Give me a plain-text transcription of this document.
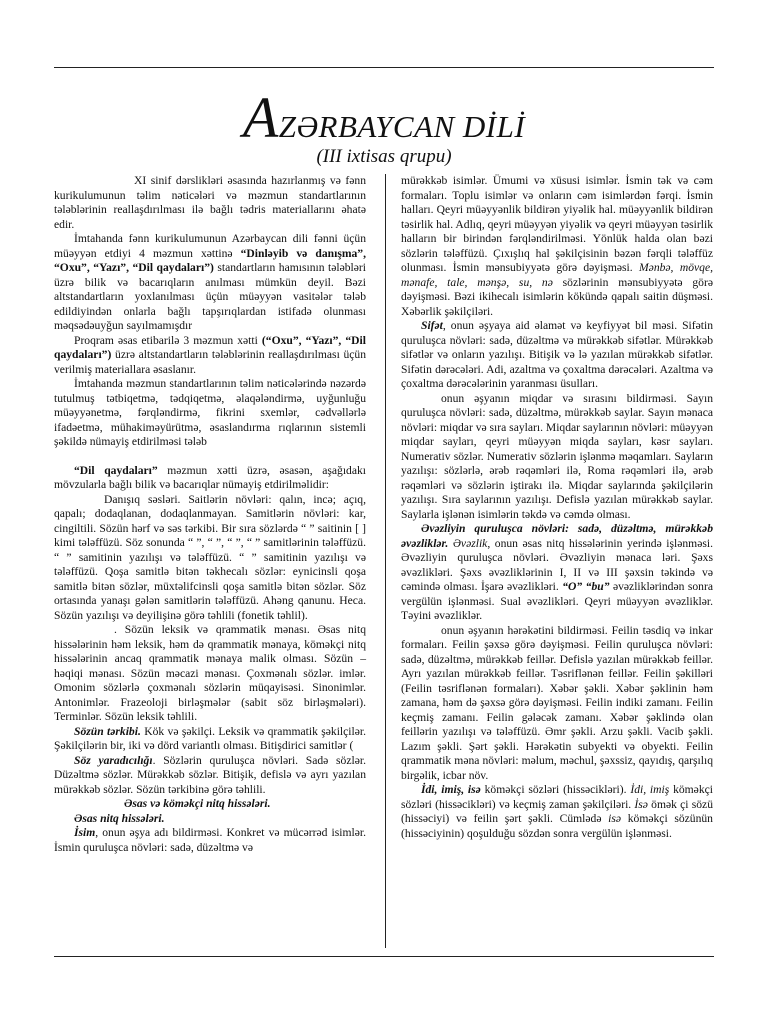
AZƏRBAYCAN DİLİ
(III ixtisas qrupu)

XI sinif dərslikləri əsasında hazırlanmış və fənn kurikulumunun təlim nəticələri və məzmun standartlarının tələblərinin reallaşdırılması ilə bağlı tədris materiallarını əhatə edir.

İmtahanda fənn kurikulumunun Azərbaycan dili fənni üçün müəyyən etdiyi 4 məzmun xəttinə “Dinləyib və danışma”, “Oxu”, “Yazı”, “Dil qaydaları”) standartların hamısının tələbləri üzrə bilik və bacarıqların anılması mümkün deyil. Bəzi altstandartların yoxlanılması üçün müəyyən vasitələr tələb edildiyindən onlarla bağlı tapşırıqlardan istifadə olunması məqsədəuyğun sayılmamışdır

Proqram əsas etibarilə 3 məzmun xətti (“Oxu”, “Yazı”, “Dil qaydaları”) üzrə altstandartların tələblərinin reallaşdırılması üçün verilmiş materiallara əsaslanır.

İmtahanda məzmun standartlarının təlim nəticələrində nəzərdə tutulmuş tətbiqetmə, tədqiqetmə, əlaqələndirmə, uyğunluğu müəyyənetmə, fərqləndirmə, fikrini sxemlər, cədvəllərlə ifadəetmə, mühakiməyürütmə, əsaslandırma rıqlarının sistemli şəkildə nümayiş etdirilməsi tələb

“Dil qaydaları” məzmun xətti üzrə, əsasən, aşağıdakı mövzularla bağlı bilik və bacarıqlar nümayiş etdirilməlidir:

Danışıq səsləri. Saitlərin növləri: qalın, incə; açıq, qapalı; dodaqlanan, dodaqlanmayan. Samitlərin növləri: kar, cingiltili. Sözün hərf və səs tərkibi. Bir sıra sözlərdə “ ” saitinin [ ] kimi tələffüzü. Söz sonunda “ ”, “ ”, “ ”, “ ” samitlərinin tələffüzü. “ ” samitinin yazılışı və tələffüzü. “ ” samitinin yazılışı və tələffüzü. Qoşa samitlə bitən təkhecalı sözlər: eynicinsli qoşa samitlə bitən sözlər, müxtəlifcinsli qoşa samitlə bitən sözlər. Söz ortasında yanaşı gələn samitlərin tələffüzü. Ahəng qanunu. Heca. Sözün yazılışı və deyilişinə görə təhlili (fonetik təhlil).

. Sözün leksik və qrammatik mənası. Əsas nitq hissələrinin həm leksik, həm də qrammatik mənaya, köməkçi nitq hissələrinin ancaq qrammatik mənaya malik olması. Sözün – həqiqi mənası. Sözün məcazi mənası. Çoxmənalı sözlər. imlər. Omonim sözlərlə çoxmənalı sözlərin müqayisəsi. Sinonimlər. Antonimlər. Frazeoloji birləşmələr (sabit söz birləşmələri). Terminlər. Sözün leksik təhlili.

Sözün tərkibi. Kök və şəkilçi. Leksik və qrammatik şəkilçilər. Şəkilçilərin bir, iki və dörd variantlı olması. Bitişdirici samitlər (

Söz yaradıcılığı. Sözlərin quruluşca növləri. Sadə sözlər. Düzəltmə sözlər. Mürəkkəb sözlər. Bitişik, defislə və ayrı yazılan mürəkkəb sözlər. Sözün tərkibinə görə təhlili.

Əsas və köməkçi nitq hissələri.

Əsas nitq hissələri.

İsim, onun əşya adı bildirməsi. Konkret və mücərrəd isimlər. İsmin quruluşca növləri: sadə, düzəltmə və

mürəkkəb isimlər. Ümumi və xüsusi isimlər. İsmin tək və cəm formaları. Toplu isimlər və onların cəm isimlərdən fərqi. İsmin halları. Qeyri müəyyənlik bildirən yiyəlik hal. müəyyənlik bildirən təsirlik hal. Adlıq, qeyri müəyyən yiyəlik və qeyri müəyyən təsirlik halların bir birindən fərqləndirilməsi. Yönlük halda olan bəzi sözlərin tələffüzü. Çıxışlıq hal şəkilçisinin bəzən fərqli tələffüz olunması. İsmin mənsubiyyətə görə dəyişməsi. Mənbə, mövqe, mənafe, tale, mənşə, su, nə sözlərinin mənsubiyyətə görə dəyişməsi. Bəzi ikihecalı isimlərin kökündə qapalı saitin düşməsi. Xəbərlik şəkilçiləri.

Sifət, onun əşyaya aid əlamət və keyfiyyət bil məsi. Sifətin quruluşca növləri: sadə, düzəltmə və mürəkkəb sifətlər. Mürəkkəb sifətlər və onların yazılışı. Bitişik və lə yazılan mürəkkəb sifətlər. Sifətin dərəcələri. Adi, azaltma və çoxaltma dərəcələri. Azaltma və çoxaltma dərəcələrinin yaranması üsulları.

onun əşyanın miqdar və sırasını bildirməsi. Sayın quruluşca növləri: sadə, düzəltmə, mürəkkəb saylar. Sayın mənaca növləri: miqdar və sıra sayları. Miqdar saylarının növləri: müəyyən miqdar sayları, qeyri müəyyən miqda sayları, kəsr sayları. Numerativ sözlər. Numerativ sözlərin işlənmə məqamları. Sayların yazılışı: sözlərlə, ərəb rəqəmləri ilə, Roma rəqəmləri ilə, ərəb rəqəmləri və sözlərin iştirakı ilə. Miqdar saylarında şəkilçilərin yazılışı. Sıra saylarının yazılışı. Defislə yazılan mürəkkəb saylar. Saylarla işlənən isimlərin təkdə və cəmdə olması.

Əvəzliyin quruluşca növləri: sadə, düzəltmə, mürəkkəb əvəzliklər. Əvəzlik, onun əsas nitq hissələrinin yerində işlənməsi. Əvəzliyin quruluşca növləri. Əvəzliyin mənaca ləri. Şəxs əvəzlikləri. Şəxs əvəzliklərinin I, II və III şəxsin təkində və cəmində olması. İşarə əvəzlikləri. “O” “bu” əvəzliklərindən sonra vergülün işlənməsi. Sual əvəzlikləri. Qeyri müəyyən əvəzliklər. Təyini əvəzliklər.

onun əşyanın hərəkətini bildirməsi. Feilin təsdiq və inkar formaları. Feilin şəxsə görə dəyişməsi. Feilin quruluşca növləri: sadə, düzəltmə, mürəkkəb feillər. Defislə yazılan mürəkkəb feillər. Ayrı yazılan mürəkkəb feillər. Təsriflənən feillər. Feilin şəkilləri (Feilin təsriflənən formaları). Xəbər şəkli. Xəbər şəklinin həm zamana, həm də şəxsə görə dəyişməsi. Feilin indiki zamanı. Feilin keçmiş zamanı. Feilin gələcək zamanı. Xəbər şəklində olan feillərin yazılışı və tələffüzü. Əmr şəkli. Arzu şəkli. Vacib şəkli. Lazım şəkli. Şərt şəkli. Hərəkətin subyekti və obyekti. Feilin qrammatik məna növləri: məlum, məchul, şəxssiz, qayıdış, qarşılıq birgəlik, icbar növ.

İdi, imiş, isə köməkçi sözləri (hissəcikləri). İdi, imiş köməkçi sözləri (hissəcikləri) və keçmiş zaman şəkilçiləri. İsə ömək çi sözü (hissəciyi) və feilin şərt şəkli. Cümlədə isə köməkçi sözünün (hissəciyinin) qoşulduğu sözdən sonra vergülün işlənməsi.
